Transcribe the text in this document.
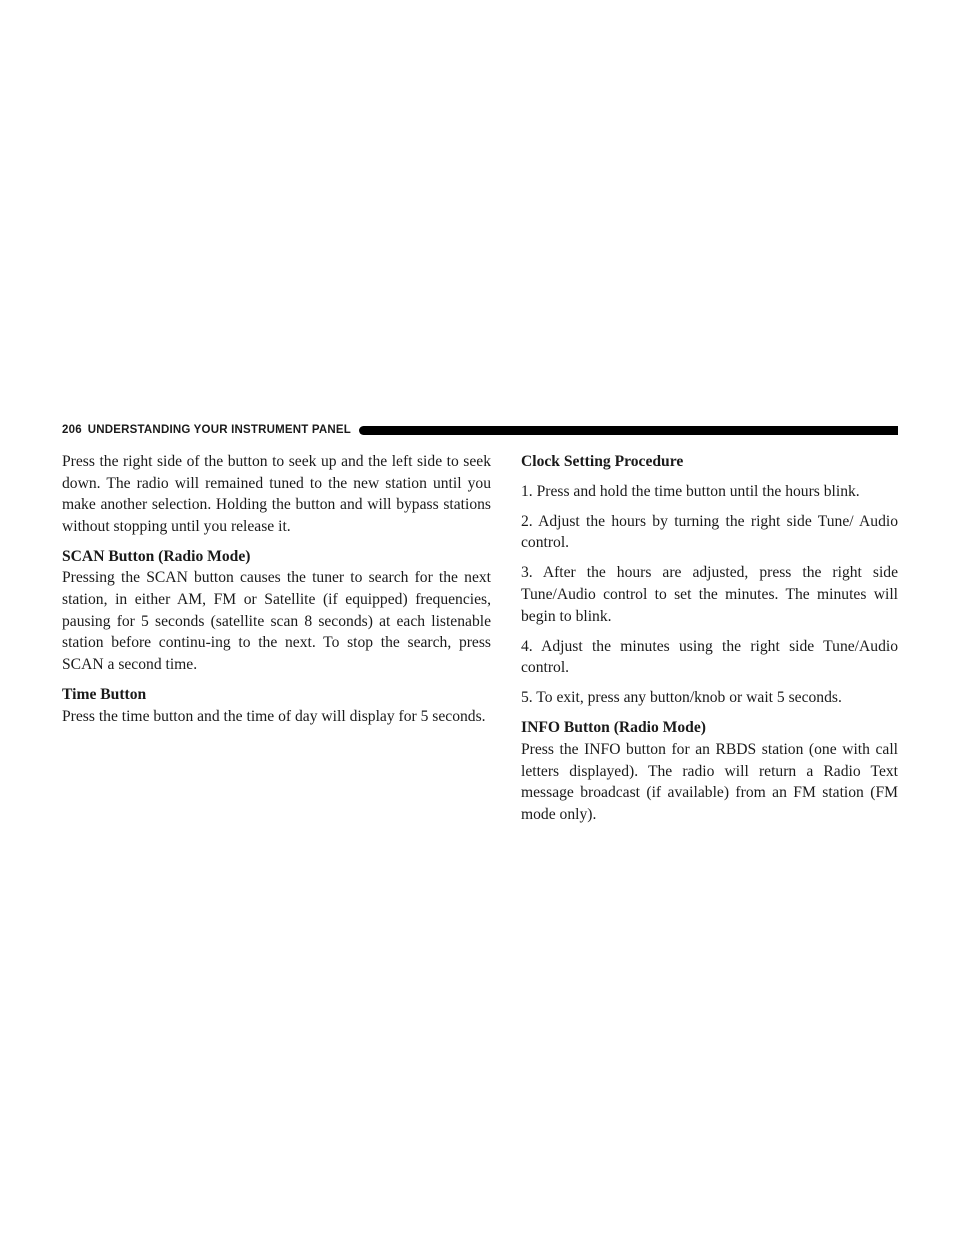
206 UNDERSTANDING YOUR INSTRUMENT PANEL

Press the right side of the button to seek up and the left side to seek down. The radio will remained tuned to the new station until you make another selection. Holding the button and will bypass stations without stopping until you release it.

SCAN Button (Radio Mode)

Pressing the SCAN button causes the tuner to search for the next station, in either AM, FM or Satellite (if equipped) frequencies, pausing for 5 seconds (satellite scan 8 seconds) at each listenable station before continu-ing to the next. To stop the search, press SCAN a second time.

Time Button

Press the time button and the time of day will display for 5 seconds.

Clock Setting Procedure

1. Press and hold the time button until the hours blink.

2. Adjust the hours by turning the right side Tune/ Audio control.

3. After the hours are adjusted, press the right side Tune/Audio control to set the minutes. The minutes will begin to blink.

4. Adjust the minutes using the right side Tune/Audio control.

5. To exit, press any button/knob or wait 5 seconds.

INFO Button (Radio Mode)

Press the INFO button for an RBDS station (one with call letters displayed). The radio will return a Radio Text message broadcast (if available) from an FM station (FM mode only).
